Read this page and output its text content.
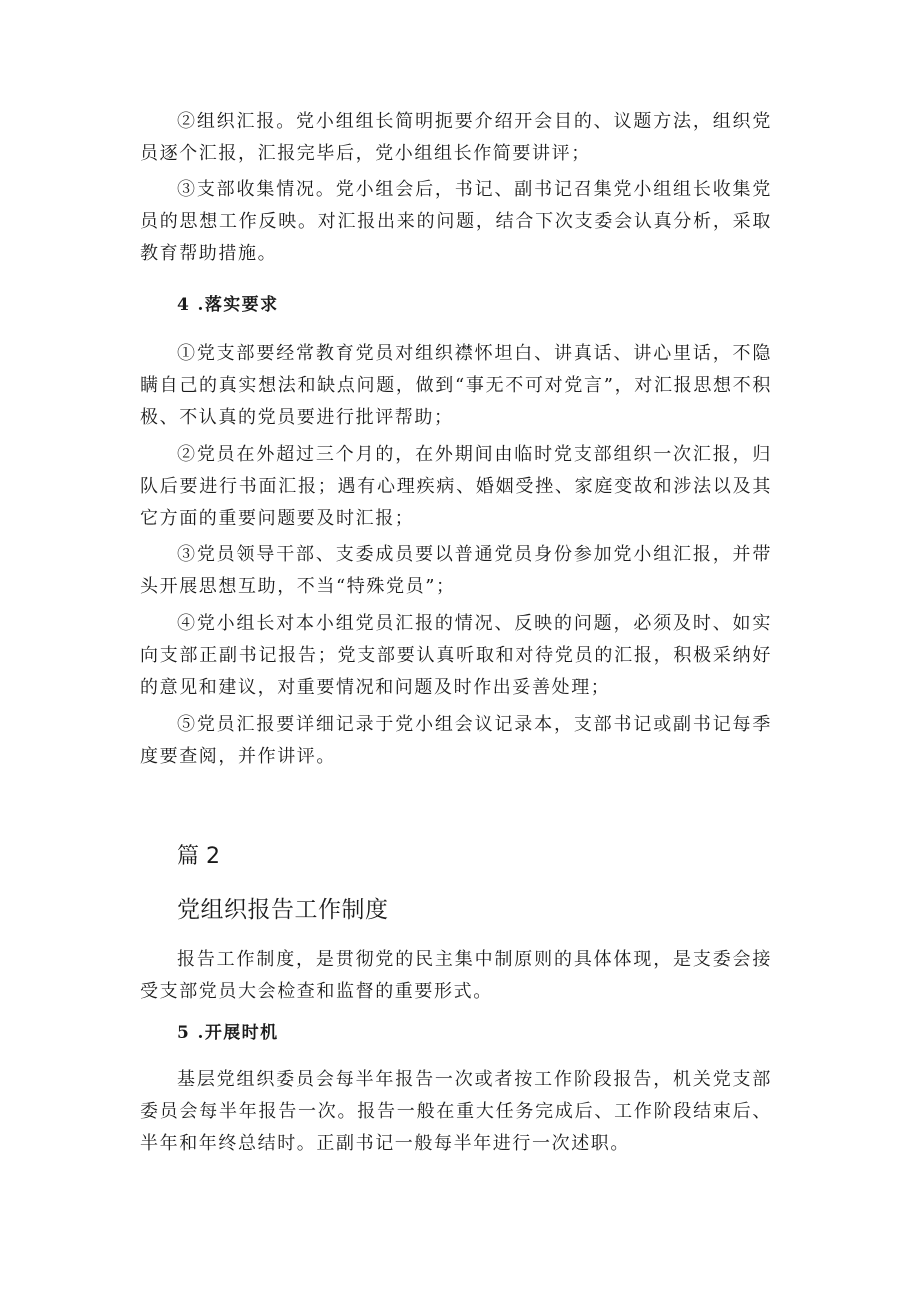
②组织汇报。党小组组长简明扼要介绍开会目的、议题方法，组织党员逐个汇报，汇报完毕后，党小组组长作简要讲评；

③支部收集情况。党小组会后，书记、副书记召集党小组组长收集党员的思想工作反映。对汇报出来的问题，结合下次支委会认真分析，采取教育帮助措施。

4 .落实要求

①党支部要经常教育党员对组织襟怀坦白、讲真话、讲心里话，不隐瞒自己的真实想法和缺点问题，做到“事无不可对党言”，对汇报思想不积极、不认真的党员要进行批评帮助；

②党员在外超过三个月的，在外期间由临时党支部组织一次汇报，归队后要进行书面汇报；遇有心理疾病、婚姻受挫、家庭变故和涉法以及其它方面的重要问题要及时汇报；

③党员领导干部、支委成员要以普通党员身份参加党小组汇报，并带头开展思想互助，不当“特殊党员”；

④党小组长对本小组党员汇报的情况、反映的问题，必须及时、如实向支部正副书记报告；党支部要认真听取和对待党员的汇报，积极采纳好的意见和建议，对重要情况和问题及时作出妥善处理；

⑤党员汇报要详细记录于党小组会议记录本，支部书记或副书记每季度要查阅，并作讲评。

篇 2
党组织报告工作制度

报告工作制度，是贯彻党的民主集中制原则的具体体现，是支委会接受支部党员大会检查和监督的重要形式。

5 .开展时机

基层党组织委员会每半年报告一次或者按工作阶段报告，机关党支部委员会每半年报告一次。报告一般在重大任务完成后、工作阶段结束后、半年和年终总结时。正副书记一般每半年进行一次述职。
